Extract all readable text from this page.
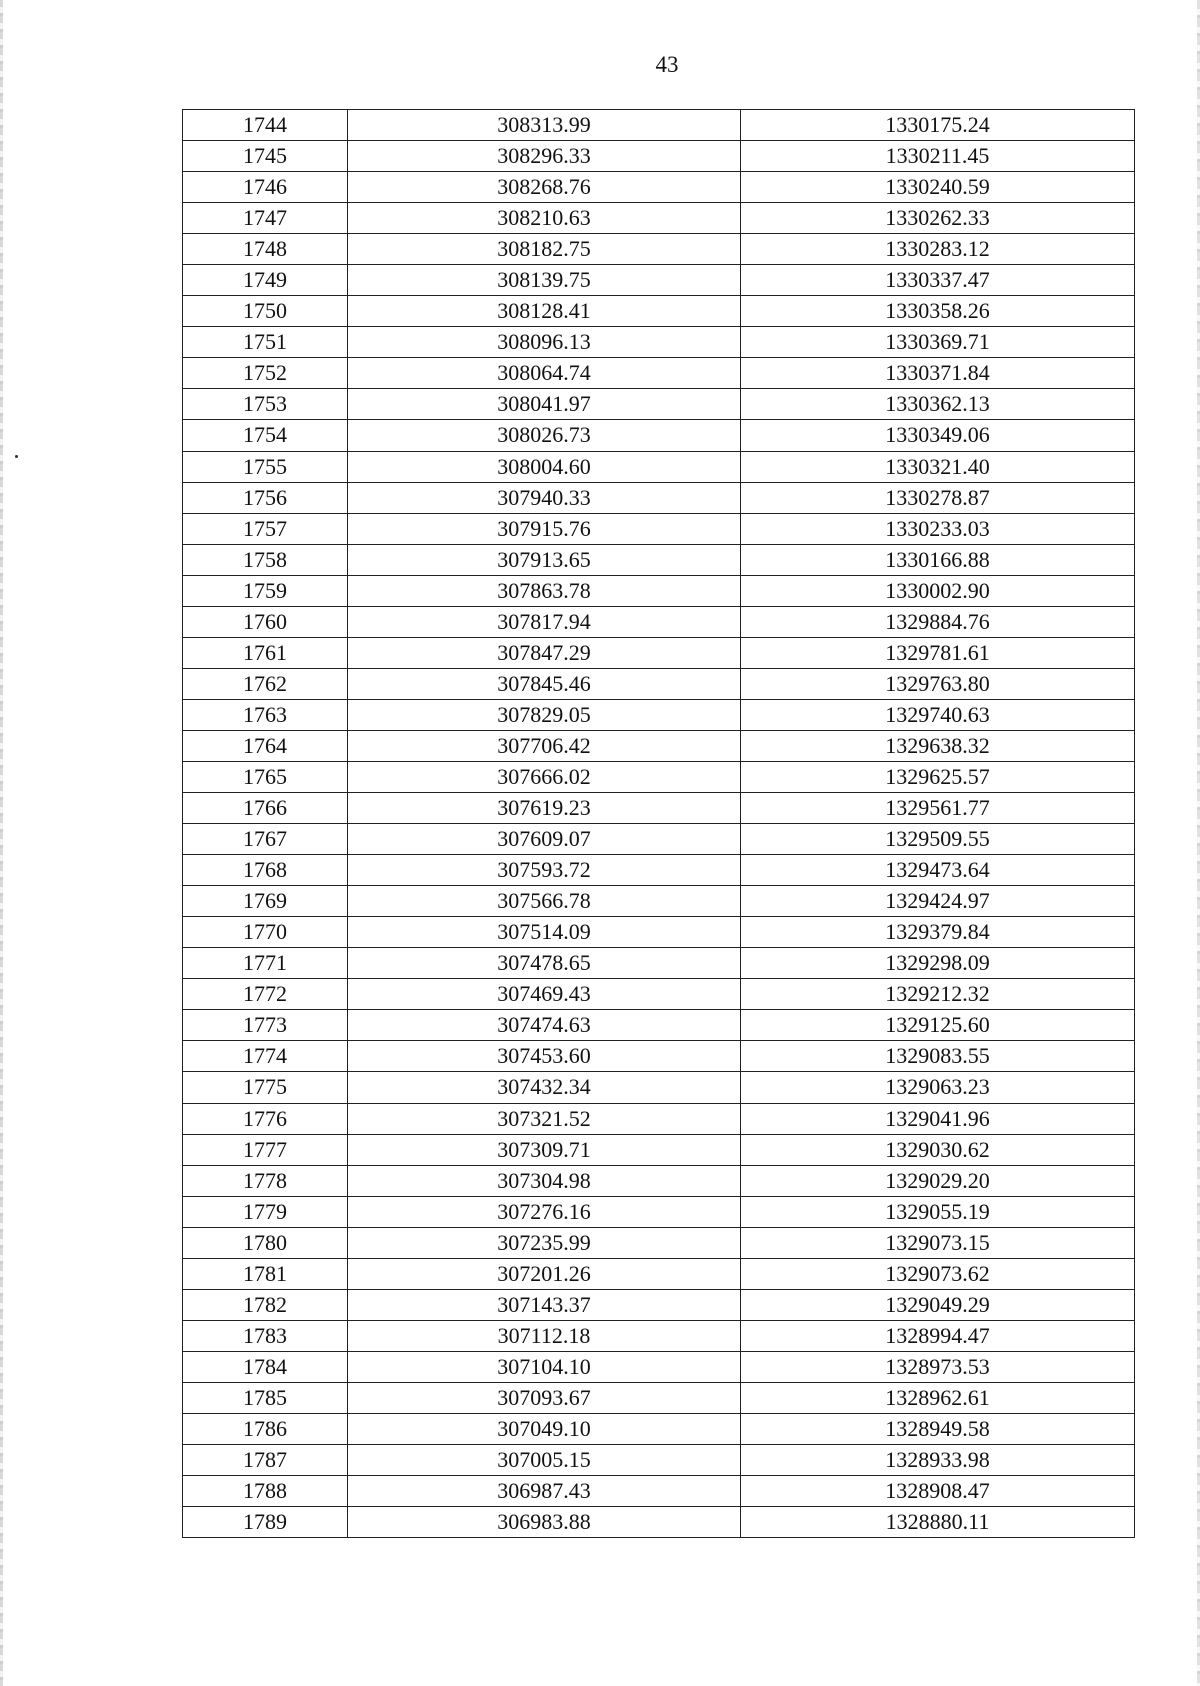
43
1744	308313.99	1330175.24
1745	308296.33	1330211.45
1746	308268.76	1330240.59
1747	308210.63	1330262.33
1748	308182.75	1330283.12
1749	308139.75	1330337.47
1750	308128.41	1330358.26
1751	308096.13	1330369.71
1752	308064.74	1330371.84
1753	308041.97	1330362.13
1754	308026.73	1330349.06
1755	308004.60	1330321.40
1756	307940.33	1330278.87
1757	307915.76	1330233.03
1758	307913.65	1330166.88
1759	307863.78	1330002.90
1760	307817.94	1329884.76
1761	307847.29	1329781.61
1762	307845.46	1329763.80
1763	307829.05	1329740.63
1764	307706.42	1329638.32
1765	307666.02	1329625.57
1766	307619.23	1329561.77
1767	307609.07	1329509.55
1768	307593.72	1329473.64
1769	307566.78	1329424.97
1770	307514.09	1329379.84
1771	307478.65	1329298.09
1772	307469.43	1329212.32
1773	307474.63	1329125.60
1774	307453.60	1329083.55
1775	307432.34	1329063.23
1776	307321.52	1329041.96
1777	307309.71	1329030.62
1778	307304.98	1329029.20
1779	307276.16	1329055.19
1780	307235.99	1329073.15
1781	307201.26	1329073.62
1782	307143.37	1329049.29
1783	307112.18	1328994.47
1784	307104.10	1328973.53
1785	307093.67	1328962.61
1786	307049.10	1328949.58
1787	307005.15	1328933.98
1788	306987.43	1328908.47
1789	306983.88	1328880.11
